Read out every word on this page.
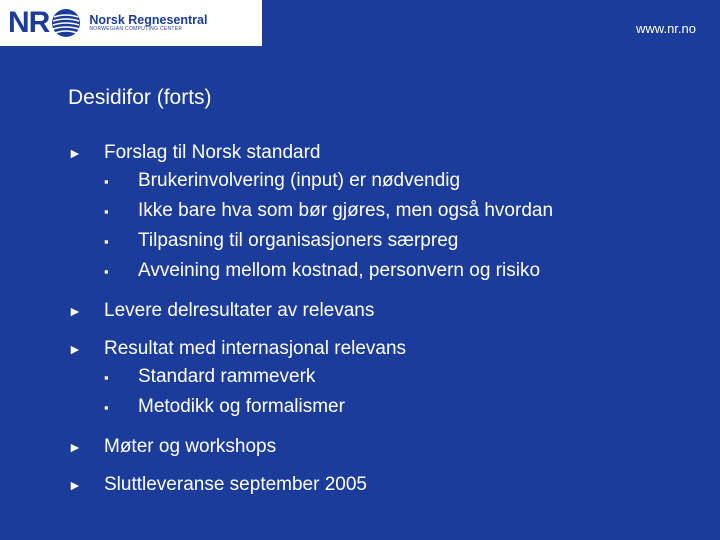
NR	Norsk Regnesentral
NORWEGIAN COMPUTING CENTER	www.nr.no
Desidifor (forts)
►	Forslag til Norsk standard
▪	Brukerinvolvering (input) er nødvendig
▪	Ikke bare hva som bør gjøres, men også hvordan
▪	Tilpasning til organisasjoners særpreg
▪	Avveining mellom kostnad, personvern og risiko
►	Levere delresultater av relevans
►	Resultat med internasjonal relevans
▪	Standard rammeverk
▪	Metodikk og formalismer
►	Møter og workshops
►	Sluttleveranse september 2005
